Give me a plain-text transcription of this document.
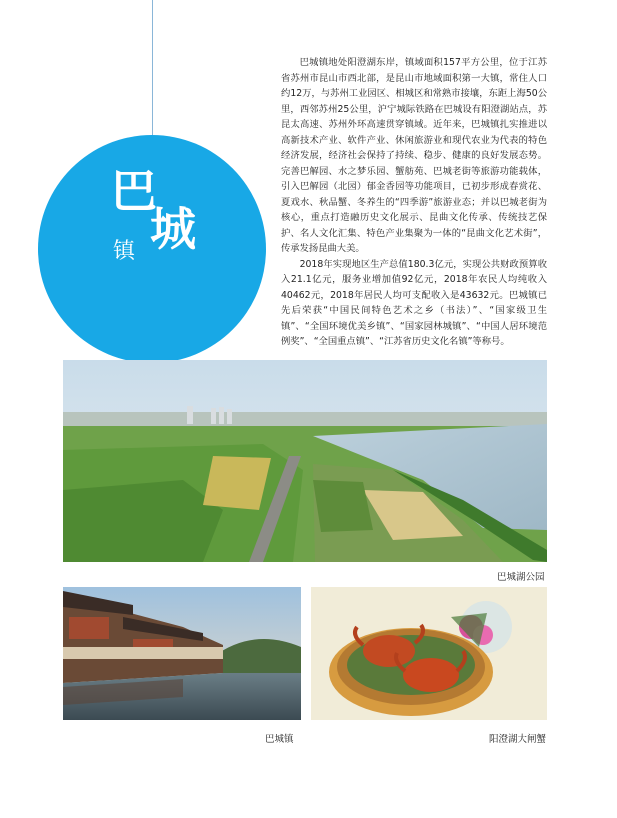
巴
城
镇

巴城镇地处阳澄湖东岸，镇域面积157平方公里，位于江苏省苏州市昆山市西北部，是昆山市地域面积第一大镇，常住人口约12万，与苏州工业园区、相城区和常熟市接壤，东距上海50公里，西邻苏州25公里，沪宁城际铁路在巴城设有阳澄湖站点，苏昆太高速、苏州外环高速贯穿镇域。近年来，巴城镇扎实推进以高新技术产业、软件产业、休闲旅游业和现代农业为代表的特色经济发展，经济社会保持了持续、稳步、健康的良好发展态势。完善巴解园、水之梦乐园、蟹舫苑、巴城老街等旅游功能载体，引入巴解园（北园）郁金香园等功能项目，已初步形成春赏花、夏戏水、秋品蟹、冬养生的“四季游”旅游业态；并以巴城老街为核心，重点打造融历史文化展示、昆曲文化传承、传统技艺保护、名人文化汇集、特色产业集聚为一体的“昆曲文化艺术街”，传承发扬昆曲大美。

2018年实现地区生产总值180.3亿元，实现公共财政预算收入21.1亿元，服务业增加值92亿元，2018年农民人均纯收入40462元，2018年居民人均可支配收入是43632元。巴城镇已先后荣获“中国民间特色艺术之乡（书法）”、“国家级卫生镇”、“全国环境优美乡镇”、“国家园林城镇”、“中国人居环境范例奖”、“全国重点镇”、“江苏省历史文化名镇”等称号。

巴城湖公园
巴城镇	阳澄湖大闸蟹
